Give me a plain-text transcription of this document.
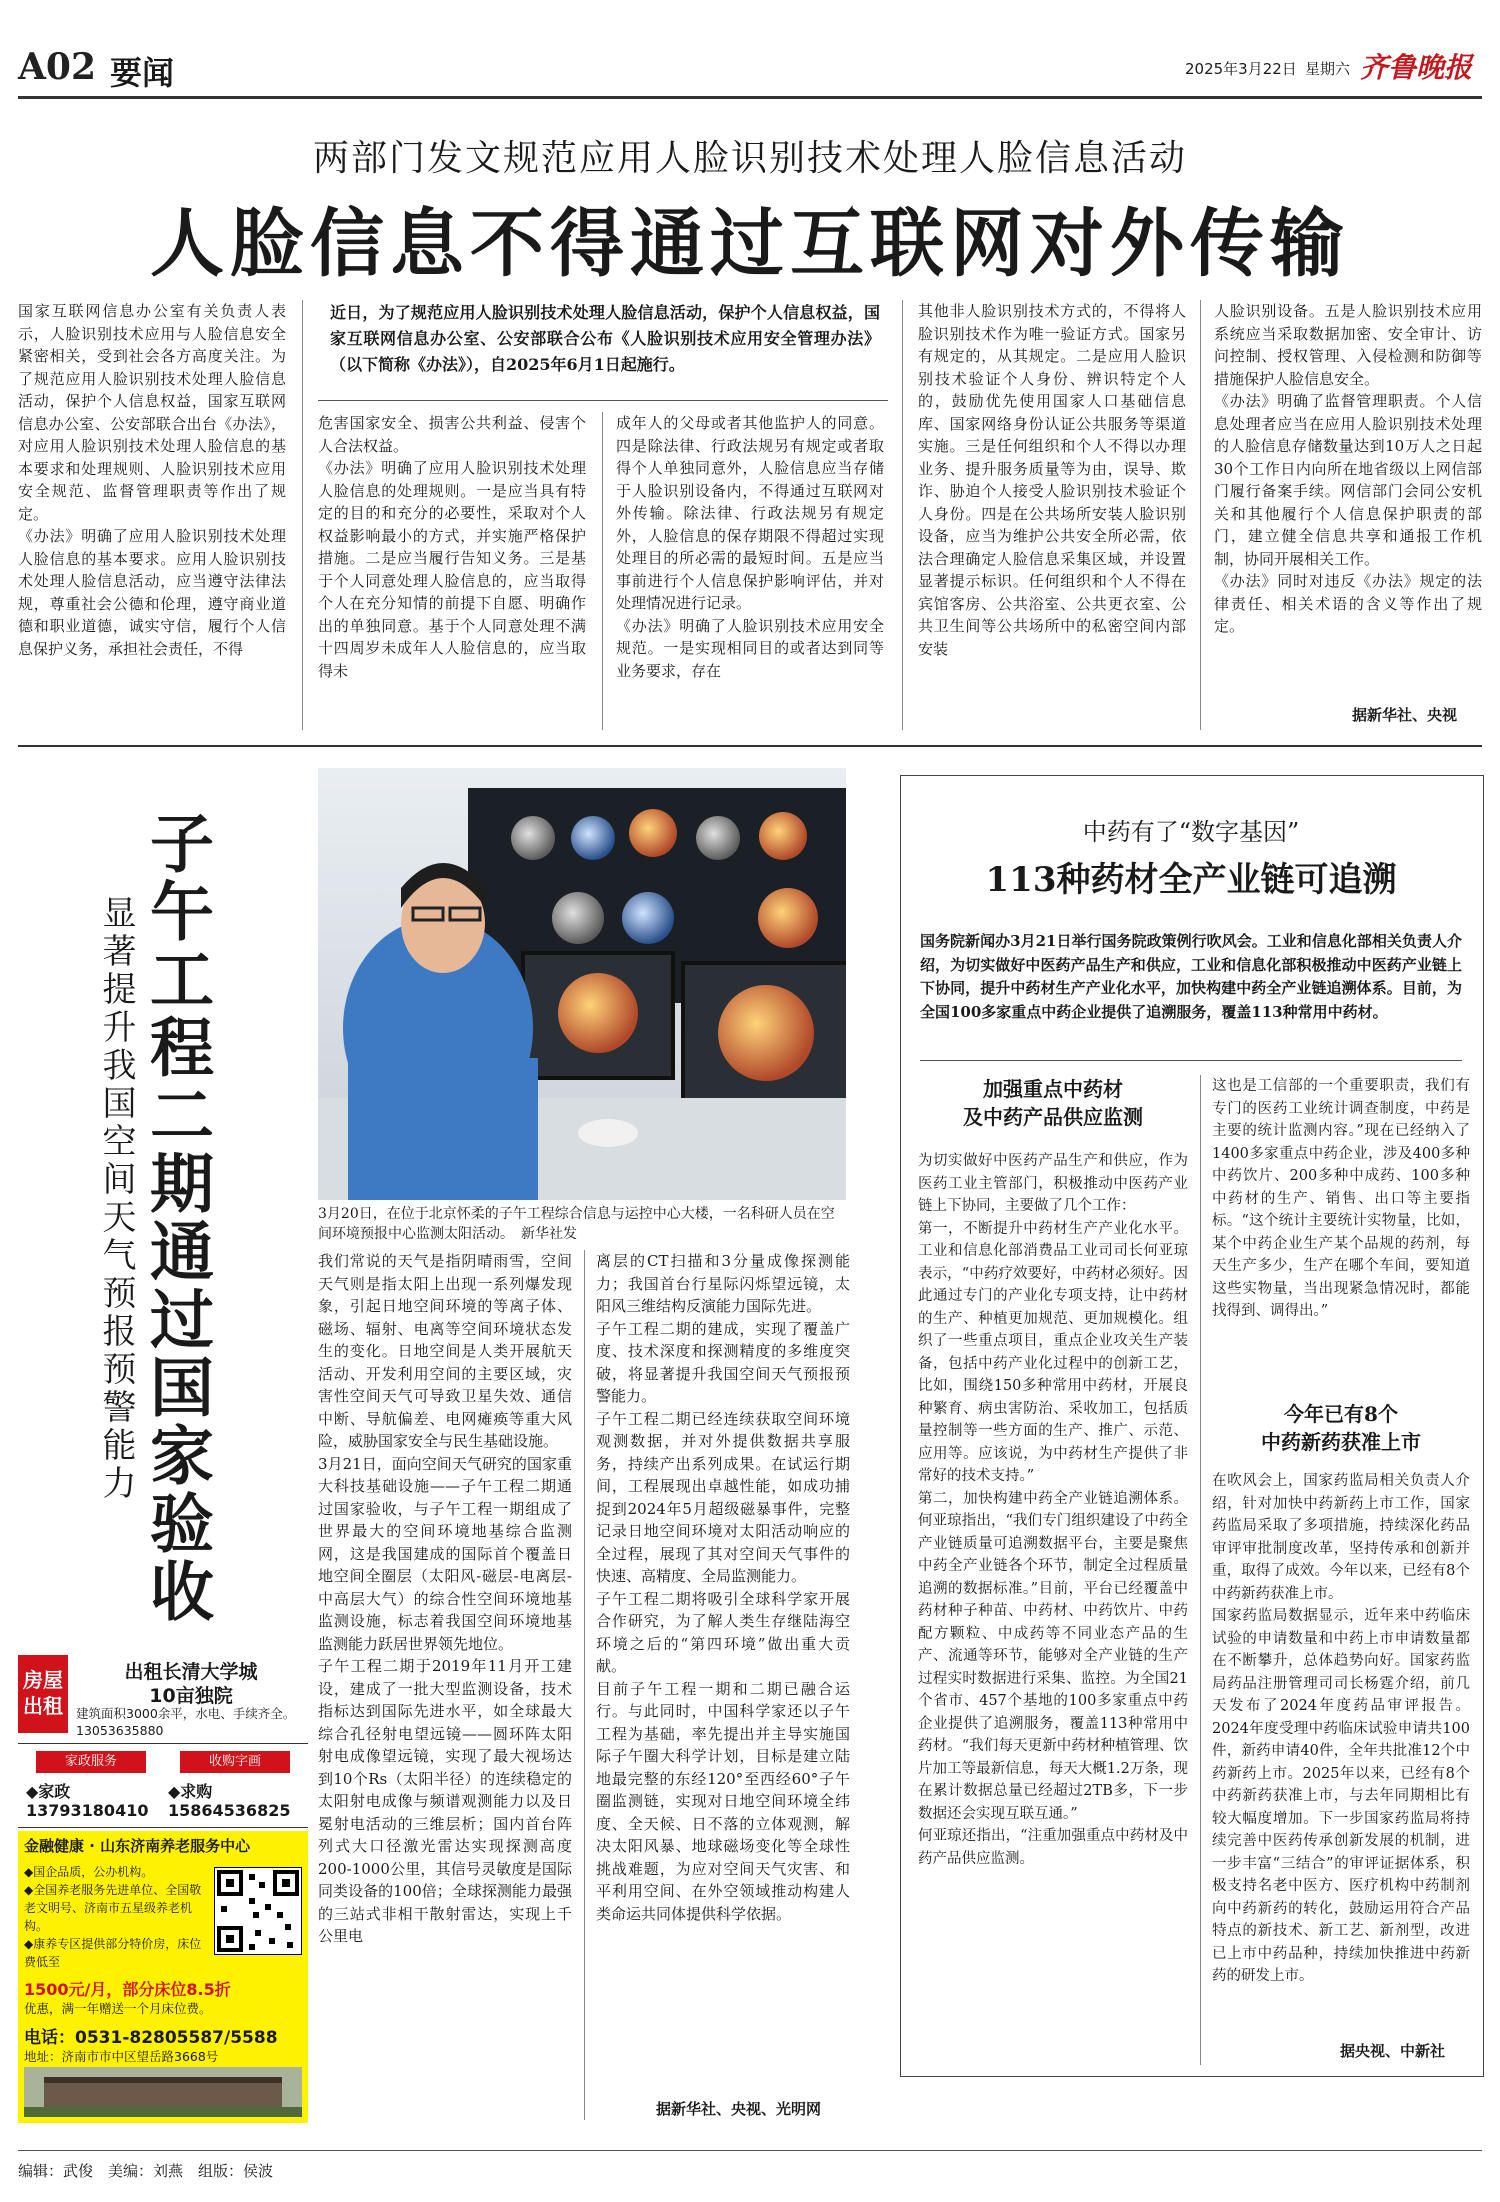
A02 要闻	2025年3月22日 星期六 齐鲁晚报
两部门发文规范应用人脸识别技术处理人脸信息活动
人脸信息不得通过互联网对外传输
国家互联网信息办公室有关负责人表示，人脸识别技术应用与人脸信息安全紧密相关，受到社会各方高度关注。为了规范应用人脸识别技术处理人脸信息活动，保护个人信息权益，国家互联网信息办公室、公安部联合出台《办法》，对应用人脸识别技术处理人脸信息的基本要求和处理规则、人脸识别技术应用安全规范、监督管理职责等作出了规定。
《办法》明确了应用人脸识别技术处理人脸信息的基本要求。应用人脸识别技术处理人脸信息活动，应当遵守法律法规，尊重社会公德和伦理，遵守商业道德和职业道德，诚实守信，履行个人信息保护义务，承担社会责任，不得
近日，为了规范应用人脸识别技术处理人脸信息活动，保护个人信息权益，国家互联网信息办公室、公安部联合公布《人脸识别技术应用安全管理办法》（以下简称《办法》），自2025年6月1日起施行。
危害国家安全、损害公共利益、侵害个人合法权益。
《办法》明确了应用人脸识别技术处理人脸信息的处理规则。一是应当具有特定的目的和充分的必要性，采取对个人权益影响最小的方式，并实施严格保护措施。二是应当履行告知义务。三是基于个人同意处理人脸信息的，应当取得个人在充分知情的前提下自愿、明确作出的单独同意。基于个人同意处理不满十四周岁未成年人人脸信息的，应当取得未
成年人的父母或者其他监护人的同意。四是除法律、行政法规另有规定或者取得个人单独同意外，人脸信息应当存储于人脸识别设备内，不得通过互联网对外传输。除法律、行政法规另有规定外，人脸信息的保存期限不得超过实现处理目的所必需的最短时间。五是应当事前进行个人信息保护影响评估，并对处理情况进行记录。
《办法》明确了人脸识别技术应用安全规范。一是实现相同目的或者达到同等业务要求，存在
其他非人脸识别技术方式的，不得将人脸识别技术作为唯一验证方式。国家另有规定的，从其规定。二是应用人脸识别技术验证个人身份、辨识特定个人的，鼓励优先使用国家人口基础信息库、国家网络身份认证公共服务等渠道实施。三是任何组织和个人不得以办理业务、提升服务质量等为由，误导、欺诈、胁迫个人接受人脸识别技术验证个人身份。四是在公共场所安装人脸识别设备，应当为维护公共安全所必需，依法合理确定人脸信息采集区域，并设置显著提示标识。任何组织和个人不得在宾馆客房、公共浴室、公共更衣室、公共卫生间等公共场所中的私密空间内部安装
人脸识别设备。五是人脸识别技术应用系统应当采取数据加密、安全审计、访问控制、授权管理、入侵检测和防御等措施保护人脸信息安全。
《办法》明确了监督管理职责。个人信息处理者应当在应用人脸识别技术处理的人脸信息存储数量达到10万人之日起30个工作日内向所在地省级以上网信部门履行备案手续。网信部门会同公安机关和其他履行个人信息保护职责的部门，建立健全信息共享和通报工作机制，协同开展相关工作。
《办法》同时对违反《办法》规定的法律责任、相关术语的含义等作出了规定。
据新华社、央视
子午工程二期通过国家验收
显著提升我国空间天气预报预警能力	3月20日，在位于北京怀柔的子午工程综合信息与运控中心大楼，一名科研人员在空间环境预报中心监测太阳活动。　新华社发
我们常说的天气是指阴晴雨雪，空间天气则是指太阳上出现一系列爆发现象，引起日地空间环境的等离子体、磁场、辐射、电离等空间环境状态发生的变化。日地空间是人类开展航天活动、开发利用空间的主要区域，灾害性空间天气可导致卫星失效、通信中断、导航偏差、电网瘫痪等重大风险，威胁国家安全与民生基础设施。
3月21日，面向空间天气研究的国家重大科技基础设施——子午工程二期通过国家验收，与子午工程一期组成了世界最大的空间环境地基综合监测网，这是我国建成的国际首个覆盖日地空间全圈层（太阳风-磁层-电离层-中高层大气）的综合性空间环境地基监测设施，标志着我国空间环境地基监测能力跃居世界领先地位。
子午工程二期于2019年11月开工建设，建成了一批大型监测设备，技术指标达到国际先进水平，如全球最大综合孔径射电望远镜——圆环阵太阳射电成像望远镜，实现了最大视场达到10个Rs（太阳半径）的连续稳定的太阳射电成像与频谱观测能力以及日冕射电活动的三维层析；国内首台阵列式大口径激光雷达实现探测高度200-1000公里，其信号灵敏度是国际同类设备的100倍；全球探测能力最强的三站式非相干散射雷达，实现上千公里电
离层的CT扫描和3分量成像探测能力；我国首台行星际闪烁望远镜，太阳风三维结构反演能力国际先进。
子午工程二期的建成，实现了覆盖广度、技术深度和探测精度的多维度突破，将显著提升我国空间天气预报预警能力。
子午工程二期已经连续获取空间环境观测数据，并对外提供数据共享服务，持续产出系列成果。在试运行期间，工程展现出卓越性能，如成功捕捉到2024年5月超级磁暴事件，完整记录日地空间环境对太阳活动响应的全过程，展现了其对空间天气事件的快速、高精度、全局监测能力。
子午工程二期将吸引全球科学家开展合作研究，为了解人类生存继陆海空环境之后的“第四环境”做出重大贡献。
目前子午工程一期和二期已融合运行。与此同时，中国科学家还以子午工程为基础，率先提出并主导实施国际子午圈大科学计划，目标是建立陆地最完整的东经120°至西经60°子午圈监测链，实现对日地空间环境全纬度、全天候、日不落的立体观测，解决太阳风暴、地球磁场变化等全球性挑战难题，为应对空间天气灾害、和平利用空间、在外空领域推动构建人类命运共同体提供科学依据。
据新华社、央视、光明网
中药有了“数字基因”
113种药材全产业链可追溯
国务院新闻办3月21日举行国务院政策例行吹风会。工业和信息化部相关负责人介绍，为切实做好中医药产品生产和供应，工业和信息化部积极推动中医药产业链上下协同，提升中药材生产产业化水平，加快构建中药全产业链追溯体系。目前，为全国100多家重点中药企业提供了追溯服务，覆盖113种常用中药材。
加强重点中药材
及中药产品供应监测
为切实做好中医药产品生产和供应，作为医药工业主管部门，积极推动中医药产业链上下协同，主要做了几个工作：
第一，不断提升中药材生产产业化水平。工业和信息化部消费品工业司司长何亚琼表示，“中药疗效要好，中药材必须好。因此通过专门的产业化专项支持，让中药材的生产、种植更加规范、更加规模化。组织了一些重点项目，重点企业攻关生产装备，包括中药产业化过程中的创新工艺，比如，围绕150多种常用中药材，开展良种繁育、病虫害防治、采收加工，包括质量控制等一些方面的生产、推广、示范、应用等。应该说，为中药材生产提供了非常好的技术支持。”
第二，加快构建中药全产业链追溯体系。何亚琼指出，“我们专门组织建设了中药全产业链质量可追溯数据平台，主要是聚焦中药全产业链各个环节，制定全过程质量追溯的数据标准。”目前，平台已经覆盖中药材种子种苗、中药材、中药饮片、中药配方颗粒、中成药等不同业态产品的生产、流通等环节，能够对全产业链的生产过程实时数据进行采集、监控。为全国21个省市、457个基地的100多家重点中药企业提供了追溯服务，覆盖113种常用中药材。“我们每天更新中药材种植管理、饮片加工等最新信息，每天大概1.2万条，现在累计数据总量已经超过2TB多，下一步数据还会实现互联互通。”
何亚琼还指出，“注重加强重点中药材及中药产品供应监测。
这也是工信部的一个重要职责，我们有专门的医药工业统计调查制度，中药是主要的统计监测内容。”现在已经纳入了1400多家重点中药企业，涉及400多种中药饮片、200多种中成药、100多种中药材的生产、销售、出口等主要指标。“这个统计主要统计实物量，比如，某个中药企业生产某个品规的药剂，每天生产多少，生产在哪个车间，要知道这些实物量，当出现紧急情况时，都能找得到、调得出。”
今年已有8个
中药新药获准上市
在吹风会上，国家药监局相关负责人介绍，针对加快中药新药上市工作，国家药监局采取了多项措施，持续深化药品审评审批制度改革，坚持传承和创新并重，取得了成效。今年以来，已经有8个中药新药获准上市。
国家药监局数据显示，近年来中药临床试验的申请数量和中药上市申请数量都在不断攀升，总体趋势向好。国家药监局药品注册管理司司长杨霆介绍，前几天发布了2024年度药品审评报告。2024年度受理中药临床试验申请共100件，新药申请40件，全年共批准12个中药新药上市。2025年以来，已经有8个中药新药获准上市，与去年同期相比有较大幅度增加。下一步国家药监局将持续完善中医药传承创新发展的机制，进一步丰富“三结合”的审评证据体系，积极支持名老中医方、医疗机构中药制剂向中药新药的转化，鼓励运用符合产品特点的新技术、新工艺、新剂型，改进已上市中药品种，持续加快推进中药新药的研发上市。
据央视、中新社
房屋
出租
出租长清大学城
10亩独院
建筑面积3000余平，水电、手续齐全。13053635880
家政服务	收购字画
◆家政
13793180410
◆求购
15864536825
金融健康 · 山东济南养老服务中心
◆国企品质，公办机构。
◆全国养老服务先进单位、全国敬老文明号、济南市五星级养老机构。
◆康养专区提供部分特价房，床位费低至
1500元/月，部分床位8.5折
优惠，满一年赠送一个月床位费。
电话：0531-82805587/5588
地址：济南市市中区望岳路3668号
编辑：武俊　美编：刘燕　组版：侯波
